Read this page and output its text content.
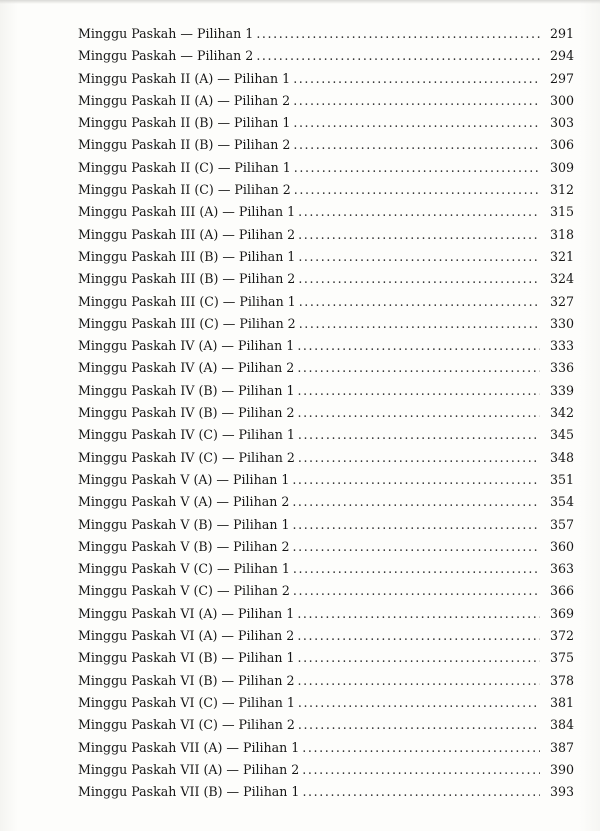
Minggu Paskah — Pilihan 1 . . .	291
Minggu Paskah — Pilihan 2 . . .	294
Minggu Paskah II (A) — Pilihan 1 . . .	297
Minggu Paskah II (A) — Pilihan 2 . . .	300
Minggu Paskah II (B) — Pilihan 1 . . .	303
Minggu Paskah II (B) — Pilihan 2 . . .	306
Minggu Paskah II (C) — Pilihan 1 . . .	309
Minggu Paskah II (C) — Pilihan 2 . . .	312
Minggu Paskah III (A) — Pilihan 1 . . .	315
Minggu Paskah III (A) — Pilihan 2 . . .	318
Minggu Paskah III (B) — Pilihan 1 . . .	321
Minggu Paskah III (B) — Pilihan 2 . . .	324
Minggu Paskah III (C) — Pilihan 1 . . .	327
Minggu Paskah III (C) — Pilihan 2 . . .	330
Minggu Paskah IV (A) — Pilihan 1 . . .	333
Minggu Paskah IV (A) — Pilihan 2 . . .	336
Minggu Paskah IV (B) — Pilihan 1 . . .	339
Minggu Paskah IV (B) — Pilihan 2 . . .	342
Minggu Paskah IV (C) — Pilihan 1 . . .	345
Minggu Paskah IV (C) — Pilihan 2 . . .	348
Minggu Paskah V (A) — Pilihan 1 . . .	351
Minggu Paskah V (A) — Pilihan 2 . . .	354
Minggu Paskah V (B) — Pilihan 1 . . .	357
Minggu Paskah V (B) — Pilihan 2 . . .	360
Minggu Paskah V (C) — Pilihan 1 . . .	363
Minggu Paskah V (C) — Pilihan 2 . . .	366
Minggu Paskah VI (A) — Pilihan 1 . . .	369
Minggu Paskah VI (A) — Pilihan 2 . . .	372
Minggu Paskah VI (B) — Pilihan 1 . . .	375
Minggu Paskah VI (B) — Pilihan 2 . . .	378
Minggu Paskah VI (C) — Pilihan 1 . . .	381
Minggu Paskah VI (C) — Pilihan 2 . . .	384
Minggu Paskah VII (A) — Pilihan 1 . . .	387
Minggu Paskah VII (A) — Pilihan 2 . . .	390
Minggu Paskah VII (B) — Pilihan 1 . . .	393
